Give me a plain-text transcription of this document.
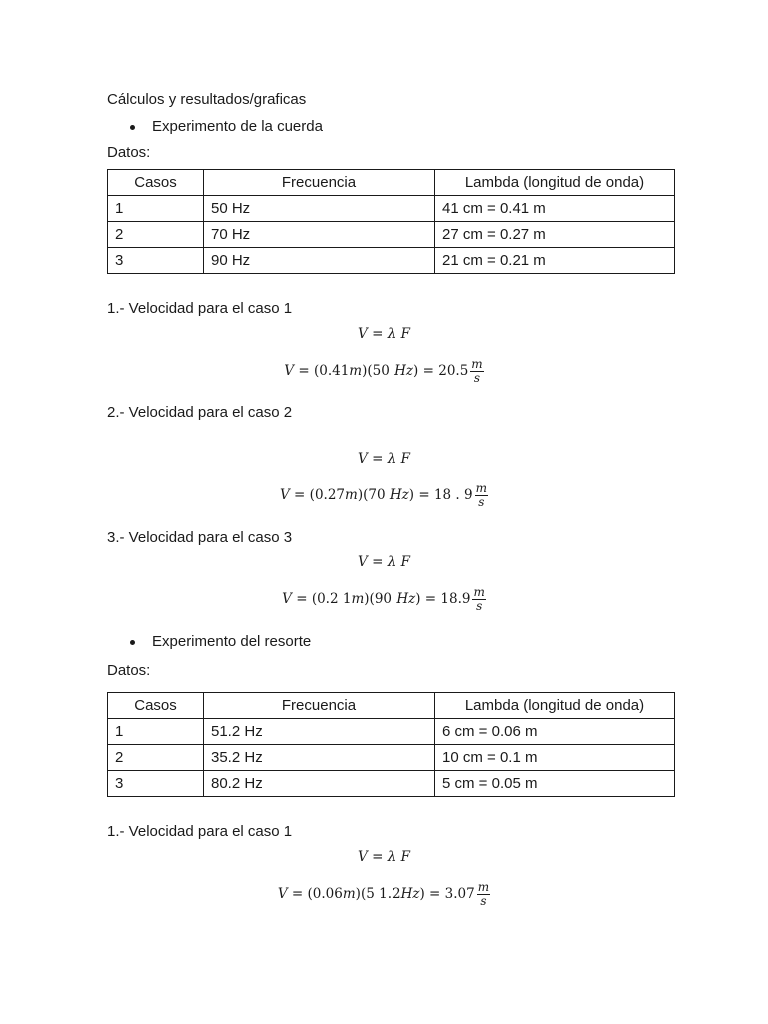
Cálculos y resultados/graficas
Experimento de la cuerda
Datos:
Casos	Frecuencia	Lambda (longitud de onda)
1	50 Hz	41 cm = 0.41 m
2	70 Hz	27 cm = 0.27 m
3	90 Hz	21 cm = 0.21 m
1.- Velocidad para el caso 1
V = λ F
V = (0.41m)(50 $Hz) = 20.5 \frac{m}{s}$
2.- Velocidad para el caso 2
V = λ F
V = (0.27m)(70 Hz) = 18 . $9 \frac{m}{s}$
3.- Velocidad para el caso 3
V = λ F
V = (0.2 1m)(90 $Hz) = 18.9 \frac{m}{s}$
Experimento del resorte
Datos:
Casos	Frecuencia	Lambda (longitud de onda)
1	51.2 Hz	6 cm = 0.06 m
2	35.2 Hz	10 cm = 0.1 m
3	80.2 Hz	5 cm = 0.05 m
1.- Velocidad para el caso 1
V = λ F
V = (0.06m)(5 $1.2Hz) = 3.07 \frac{m}{s}$
